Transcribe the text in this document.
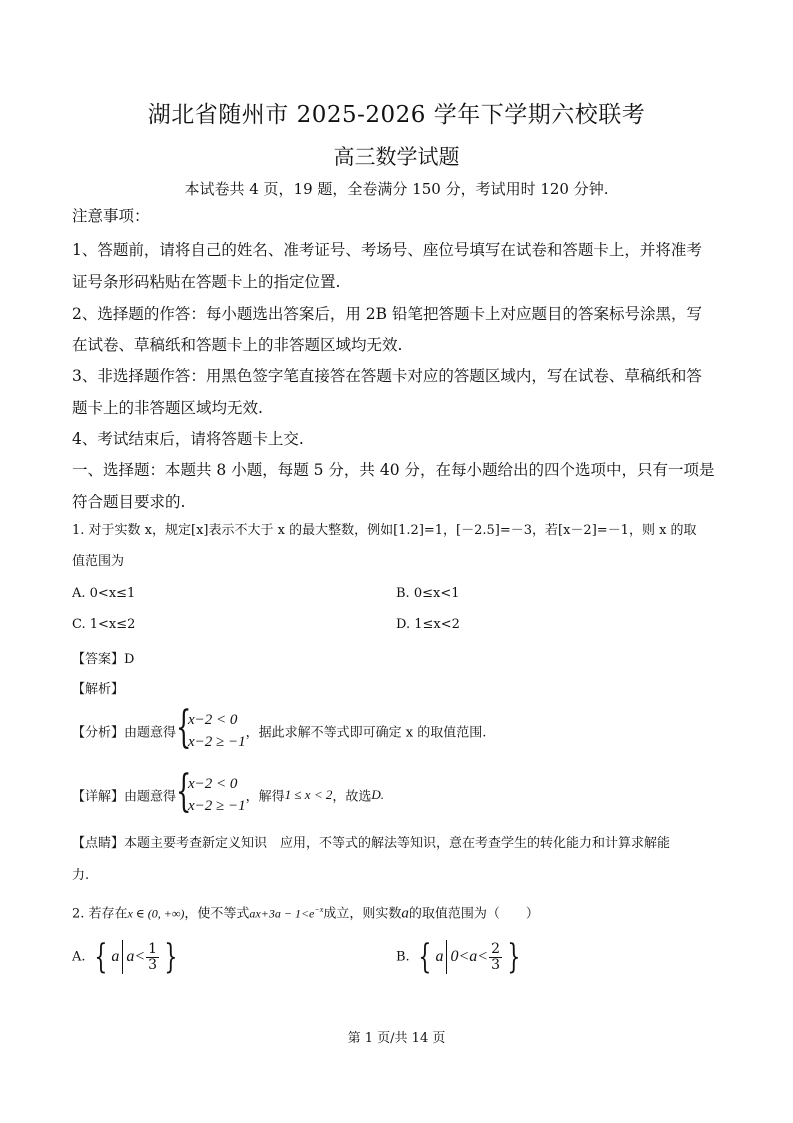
湖北省随州市 2025-2026 学年下学期六校联考
高三数学试题
本试卷共 4 页，19 题，全卷满分 150 分，考试用时 120 分钟.
注意事项：
1、答题前，请将自己的姓名、准考证号、考场号、座位号填写在试卷和答题卡上，并将准考
证号条形码粘贴在答题卡上的指定位置.
2、选择题的作答：每小题选出答案后，用 2B 铅笔把答题卡上对应题目的答案标号涂黑，写
在试卷、草稿纸和答题卡上的非答题区域均无效.
3、非选择题作答：用黑色签字笔直接答在答题卡对应的答题区域内，写在试卷、草稿纸和答
题卡上的非答题区域均无效.
4、考试结束后，请将答题卡上交.
一、选择题：本题共 8 小题，每题 5 分，共 40 分，在每小题给出的四个选项中，只有一项是
符合题目要求的.
1. 对于实数 x，规定[x]表示不大于 x 的最大整数，例如[1.2]=1，[－2.5]=－3，若[x－2]=－1，则 x 的取
值范围为
A. 0<x≤1	B. 0≤x<1
C. 1<x≤2	D. 1≤x<2
【答案】D
【解析】
【分析】由题意得 {
x−2 < 0
x−2 ≥ −1
，据此求解不等式即可确定 x 的取值范围.
【详解】由题意得 {
x−2 < 0
x−2 ≥ −1
，解得1 ≤ x < 2，故选D.
【点睛】本题主要考查新定义知识　应用，不等式的解法等知识，意在考查学生的转化能力和计算求解能
力.
2. 若存在x ∈ (0, +∞)，使不等式$ax+3a - 1<e^{-x}$成立，则实数a的取值范围为（　　）
A. { a $a< \frac{1}{3}$ }	B. { a $0<a< \frac{2}{3}$ }
第 1 页/共 14 页
